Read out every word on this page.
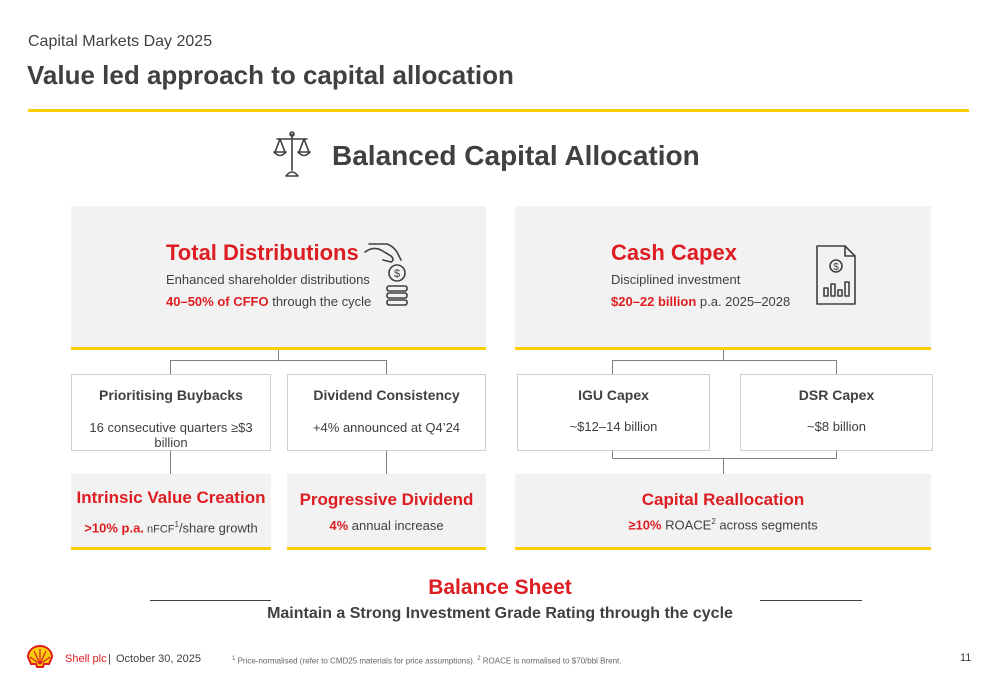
Capital Markets Day 2025
Value led approach to capital allocation
Balanced Capital Allocation
Total Distributions
Enhanced shareholder distributions
40–50% of CFFO through the cycle
$
Cash Capex
Disciplined investment
$20–22 billion p.a. 2025–2028
$
Prioritising Buybacks
16 consecutive quarters ≥$3 billion
Dividend Consistency
+4% announced at Q4’24
IGU Capex
~$12–14 billion
DSR Capex
~$8 billion
Intrinsic Value Creation
>10% p.a. nFCF$^1$/share growth
Progressive Dividend
4% annual increase
Capital Reallocation
≥10% ROACE$^2$ across segments
Balance Sheet
Maintain a Strong Investment Grade Rating through the cycle
Shell plc | October 30, 2025	$^1$ Price-normalised (refer to CMD25 materials for price assumptions). $^2$ ROACE is normalised to $70/bbl Brent.	11
